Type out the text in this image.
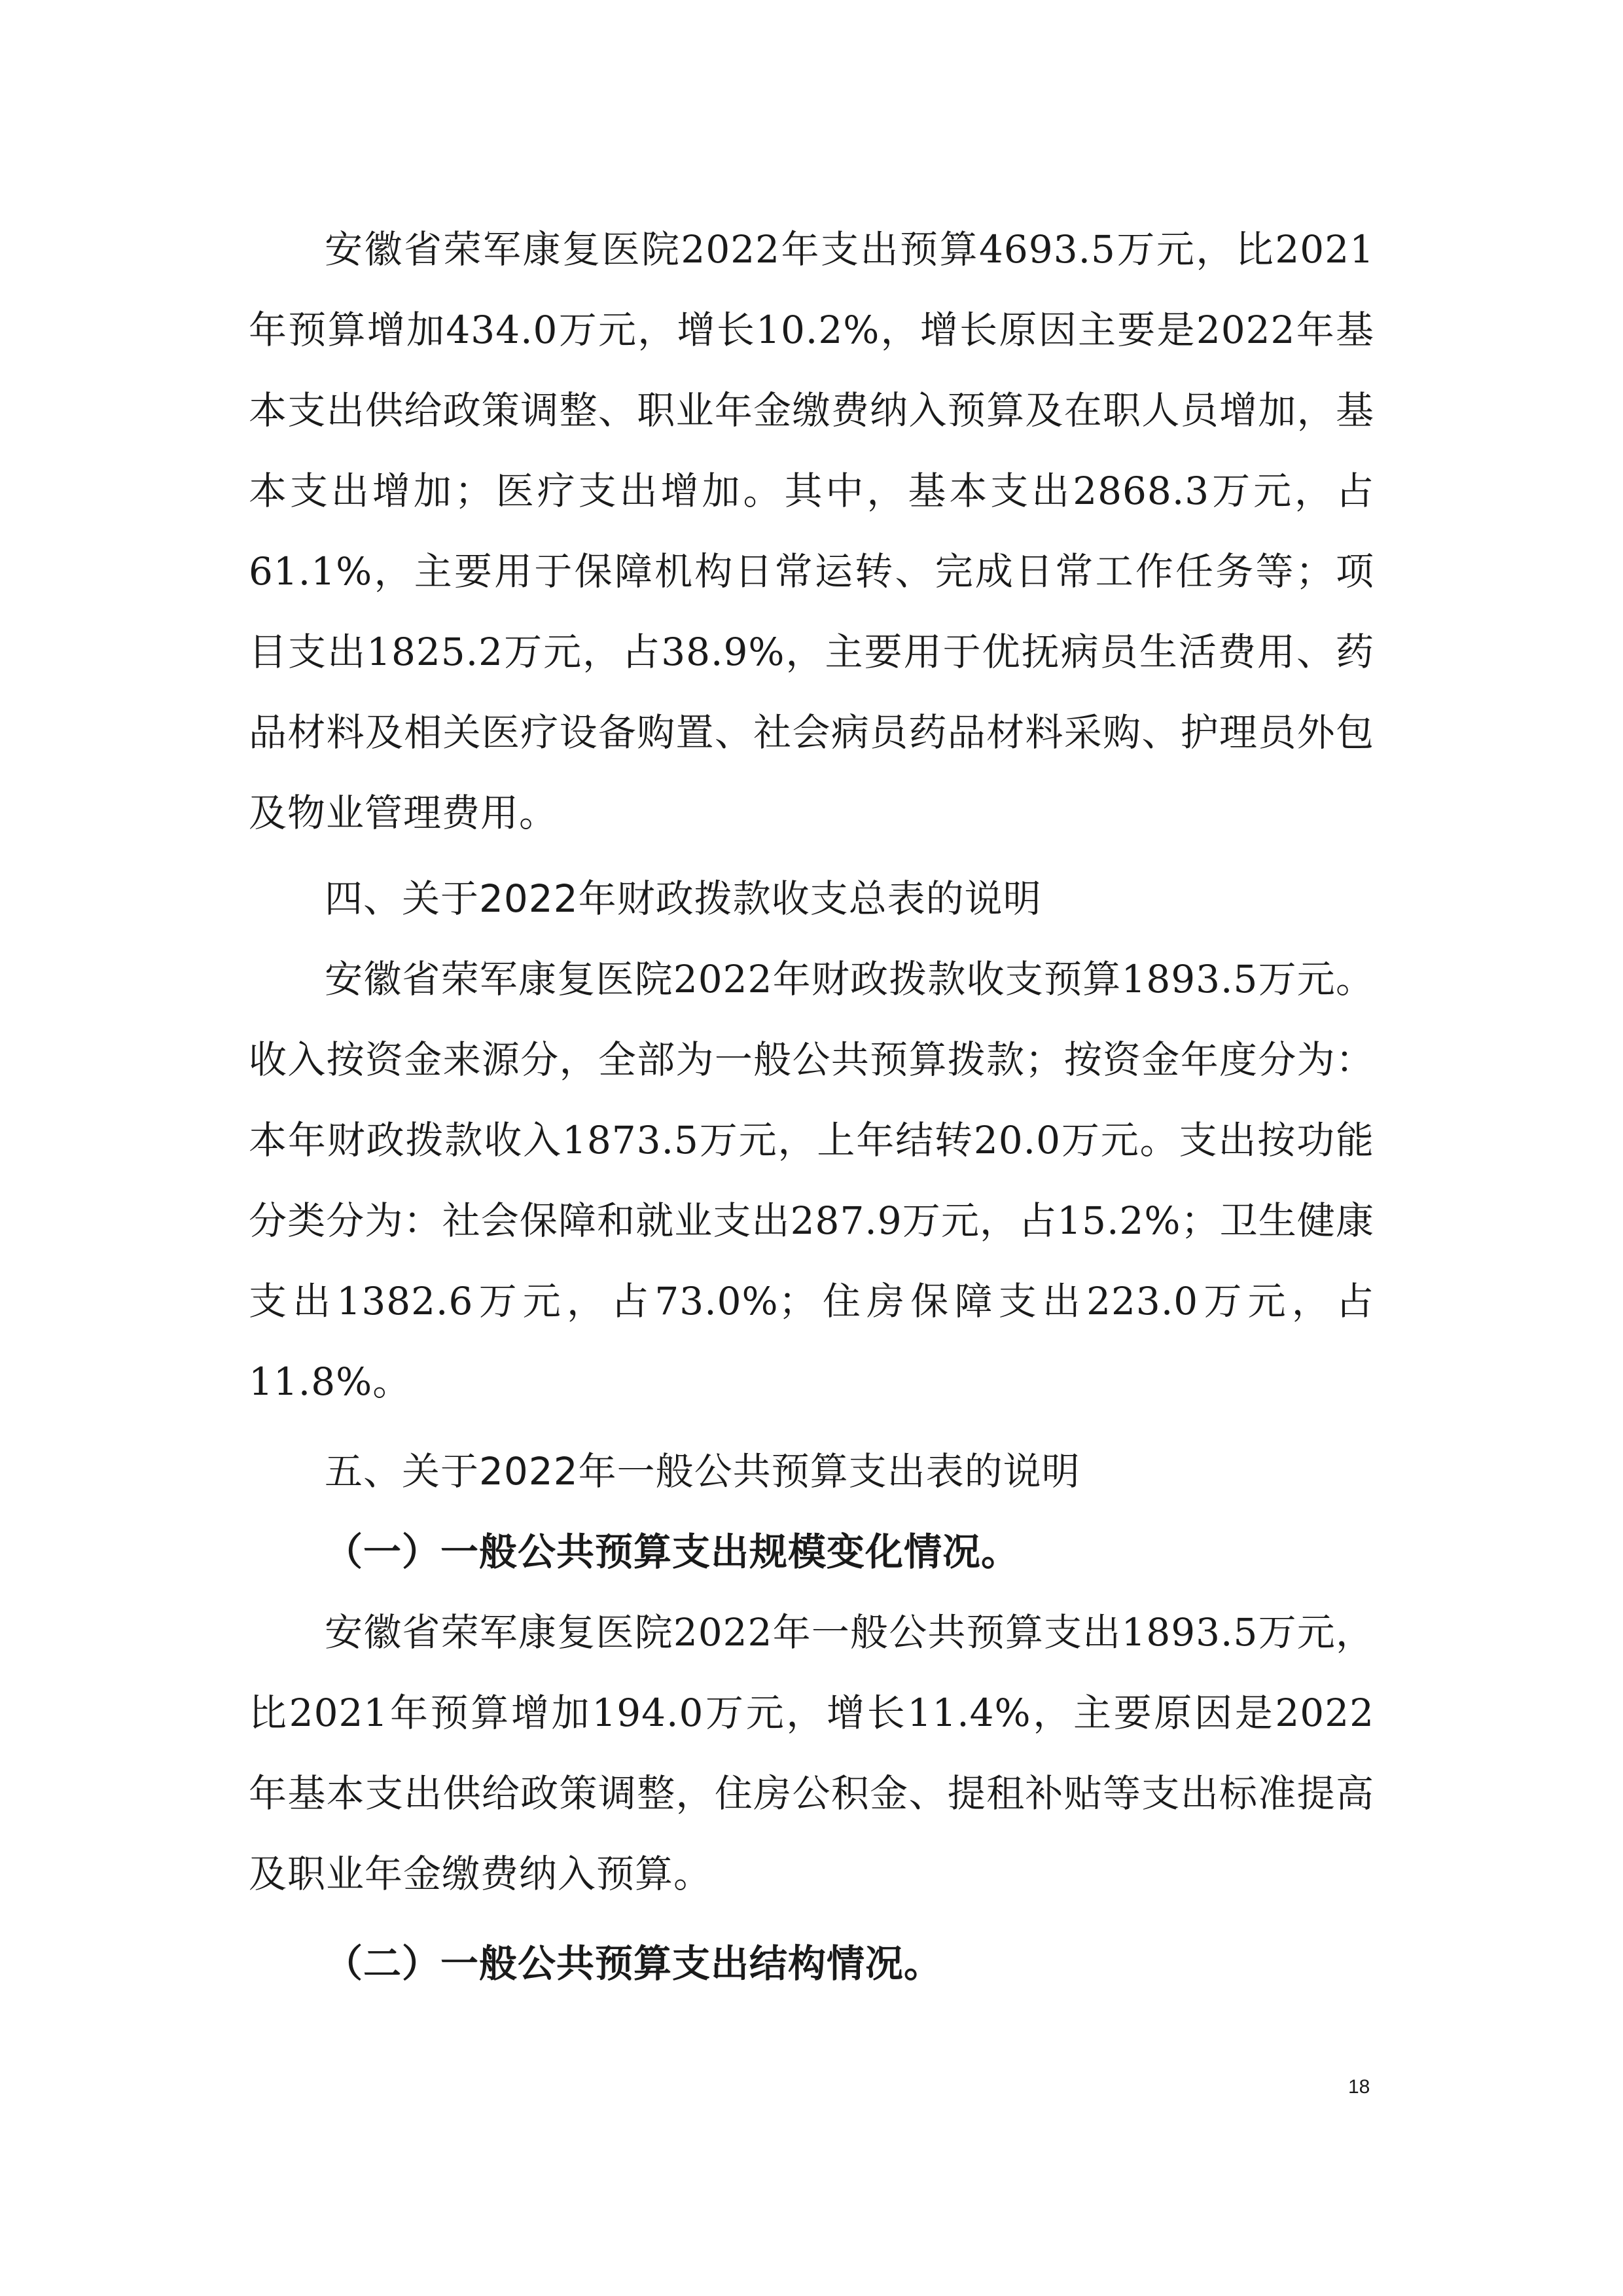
安徽省荣军康复医院2022年支出预算4693.5万元，比2021年预算增加434.0万元，增长10.2%，增长原因主要是2022年基本支出供给政策调整、职业年金缴费纳入预算及在职人员增加，基本支出增加；医疗支出增加。其中，基本支出2868.3万元，占61.1%，主要用于保障机构日常运转、完成日常工作任务等；项目支出1825.2万元，占38.9%，主要用于优抚病员生活费用、药品材料及相关医疗设备购置、社会病员药品材料采购、护理员外包及物业管理费用。

四、关于2022年财政拨款收支总表的说明

安徽省荣军康复医院2022年财政拨款收支预算1893.5万元。收入按资金来源分，全部为一般公共预算拨款；按资金年度分为：本年财政拨款收入1873.5万元，上年结转20.0万元。支出按功能分类分为：社会保障和就业支出287.9万元，占15.2%；卫生健康支出1382.6万元，占73.0%；住房保障支出223.0万元，占11.8%。

五、关于2022年一般公共预算支出表的说明
（一）一般公共预算支出规模变化情况。

安徽省荣军康复医院2022年一般公共预算支出1893.5万元，比2021年预算增加194.0万元，增长11.4%，主要原因是2022年基本支出供给政策调整，住房公积金、提租补贴等支出标准提高及职业年金缴费纳入预算。

（二）一般公共预算支出结构情况。
18
